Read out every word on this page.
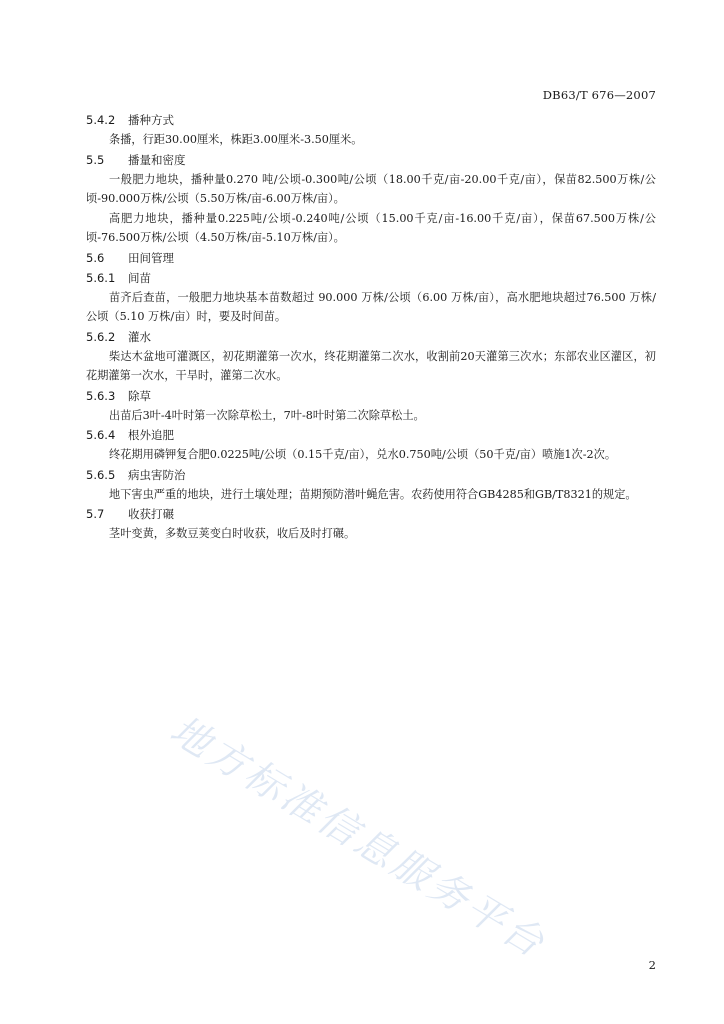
DB63/T 676—2007
5.4.2 播种方式

条播，行距30.00厘米，株距3.00厘米-3.50厘米。

5.5 播量和密度

一般肥力地块，播种量0.270 吨/公顷-0.300吨/公顷（18.00千克/亩-20.00千克/亩），保苗82.500万株/公顷-90.000万株/公顷（5.50万株/亩-6.00万株/亩）。

高肥力地块，播种量0.225吨/公顷-0.240吨/公顷（15.00千克/亩-16.00千克/亩），保苗67.500万株/公顷-76.500万株/公顷（4.50万株/亩-5.10万株/亩）。

5.6 田间管理
5.6.1 间苗

苗齐后查苗，一般肥力地块基本苗数超过 90.000 万株/公顷（6.00 万株/亩），高水肥地块超过76.500 万株/公顷（5.10 万株/亩）时，要及时间苗。

5.6.2 灌水

柴达木盆地可灌溉区，初花期灌第一次水，终花期灌第二次水，收割前20天灌第三次水；东部农业区灌区，初花期灌第一次水，干旱时，灌第二次水。

5.6.3 除草

出苗后3叶-4叶时第一次除草松土，7叶-8叶时第二次除草松土。

5.6.4 根外追肥

终花期用磷钾复合肥0.0225吨/公顷（0.15千克/亩），兑水0.750吨/公顷（50千克/亩）喷施1次-2次。

5.6.5 病虫害防治

地下害虫严重的地块，进行土壤处理；苗期预防潜叶蝇危害。农药使用符合GB4285和GB/T8321的规定。

5.7 收获打碾

茎叶变黄，多数豆荚变白时收获，收后及时打碾。

地方标准信息服务平台	2
